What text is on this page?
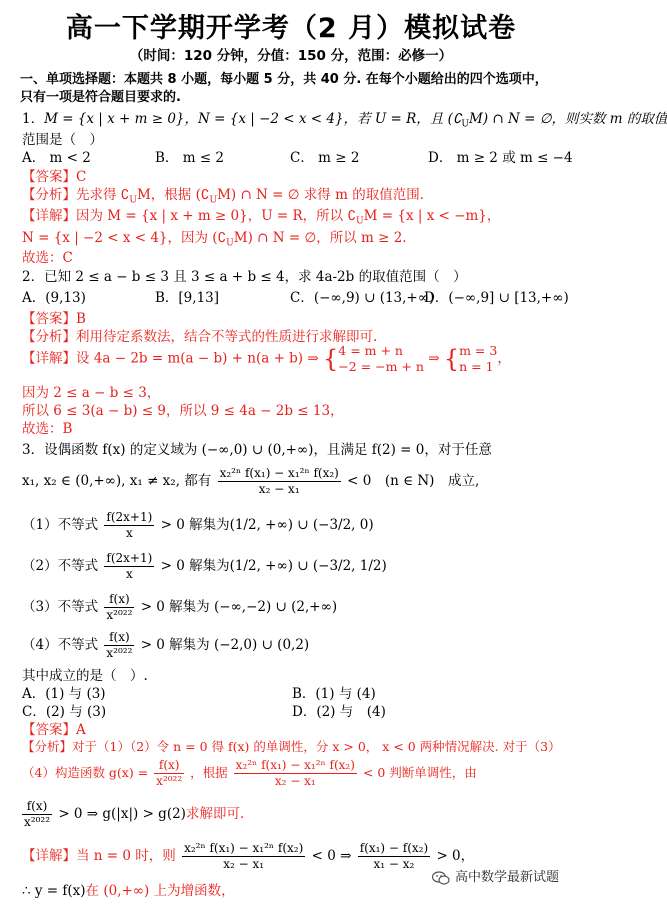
高一下学期开学考（2 月）模拟试卷
（时间：120 分钟，分值：150 分，范围：必修一）
一、单项选择题：本题共 8 小题，每小题 5 分，共 40 分. 在每个小题给出的四个选项中，
只有一项是符合题目要求的.
1．M = {x | x + m ≥ 0}，N = {x | −2 < x < 4}，若 U = R，且 $(∁_UM)$ ∩ N = ∅，则实数 m 的取值
范围是（　）
A． m < 2	B． m ≤ 2	C． m ≥ 2	D． m ≥ 2 或 m ≤ −4
【答案】C
【分析】先求得 $∁_UM$，根据 $(∁_UM)$ ∩ N = ∅ 求得 m 的取值范围.
【详解】因为 M = {x | x + m ≥ 0}，U = R，所以 $∁_UM = \{x$ | x < −m}，
N = {x | −2 < x < 4}，因为 $(∁_UM)$ ∩ N = ∅，所以 m ≥ 2.
故选：C
2．已知 2 ≤ a − b ≤ 3 且 3 ≤ a + b ≤ 4，求 4a-2b 的取值范围（　）
A．(9,13)	B．[9,13]	C．(−∞,9) ∪ (13,+∞)
D．(−∞,9] ∪ [13,+∞)
【答案】B
【分析】利用待定系数法，结合不等式的性质进行求解即可.
【详解】设 4a − 2b = m(a − b) + n(a + b) ⇒ { 4 = m + n
−2 = −m + n ⇒ { m = 3
n = 1 ，
因为 2 ≤ a − b ≤ 3，
所以 6 ≤ 3(a − b) ≤ 9，所以 9 ≤ 4a − 2b ≤ 13，
故选：B
3．设偶函数 f(x) 的定义域为 (−∞,0) ∪ (0,+∞)，且满足 f(2) = 0，对于任意
x₁, x₂ ∈ (0,+∞), x₁ ≠ x₂, 都有 $\frac{\text{x₂²ⁿ f(x₁) − x₁²ⁿ f(x₂)}}{\text{x₂ − x₁}} < 0$　(n ∈ N)　成立,
（1）不等式 $\frac{f(2x+1)}{x} > 0$ 解集为(1/2, +∞) ∪ (−3/2, 0)
（2）不等式 $\frac{f(2x+1)}{x} > 0$ 解集为(1/2, +∞) ∪ (−3/2, 1/2)
（3）不等式 $\frac{f(x)}{\text{x²⁰²²}} > 0$ 解集为 (−∞,−2) ∪ (2,+∞)
（4）不等式 $\frac{f(x)}{\text{x²⁰²²}} > 0$ 解集为 (−2,0) ∪ (0,2)
其中成立的是（　）.
A．(1) 与 (3)	B．(1) 与 (4)
C．(2) 与 (3)	D．(2) 与　(4)
【答案】A
【分析】对于（1）（2）令 n = 0 得 f(x) 的单调性，分 x > 0， x < 0 两种情况解决. 对于（3）
（4）构造函数 $g(x) = \frac{f(x)}{\text{x²⁰²²}}$ ，根据 $\frac{\text{x₂²ⁿ f(x₁) − x₁²ⁿ f(x₂)}}{\text{x₂ − x₁}} < 0$ 判断单调性，由
$\frac{f(x)}{\text{x²⁰²²}} > 0$ ⇒ g(|x|) > g(2)求解即可.
【详解】当 n = 0 时，则 $\frac{\text{x₂²ⁿ f(x₁) − x₁²ⁿ f(x₂)}}{\text{x₂ − x₁}} < 0$ ⇒ $\frac{\text{f(x₁) − f(x₂)}}{\text{x₁ − x₂}} > 0$，
∴ y = f(x)在 (0,+∞) 上为增函数，
高中数学最新试题
